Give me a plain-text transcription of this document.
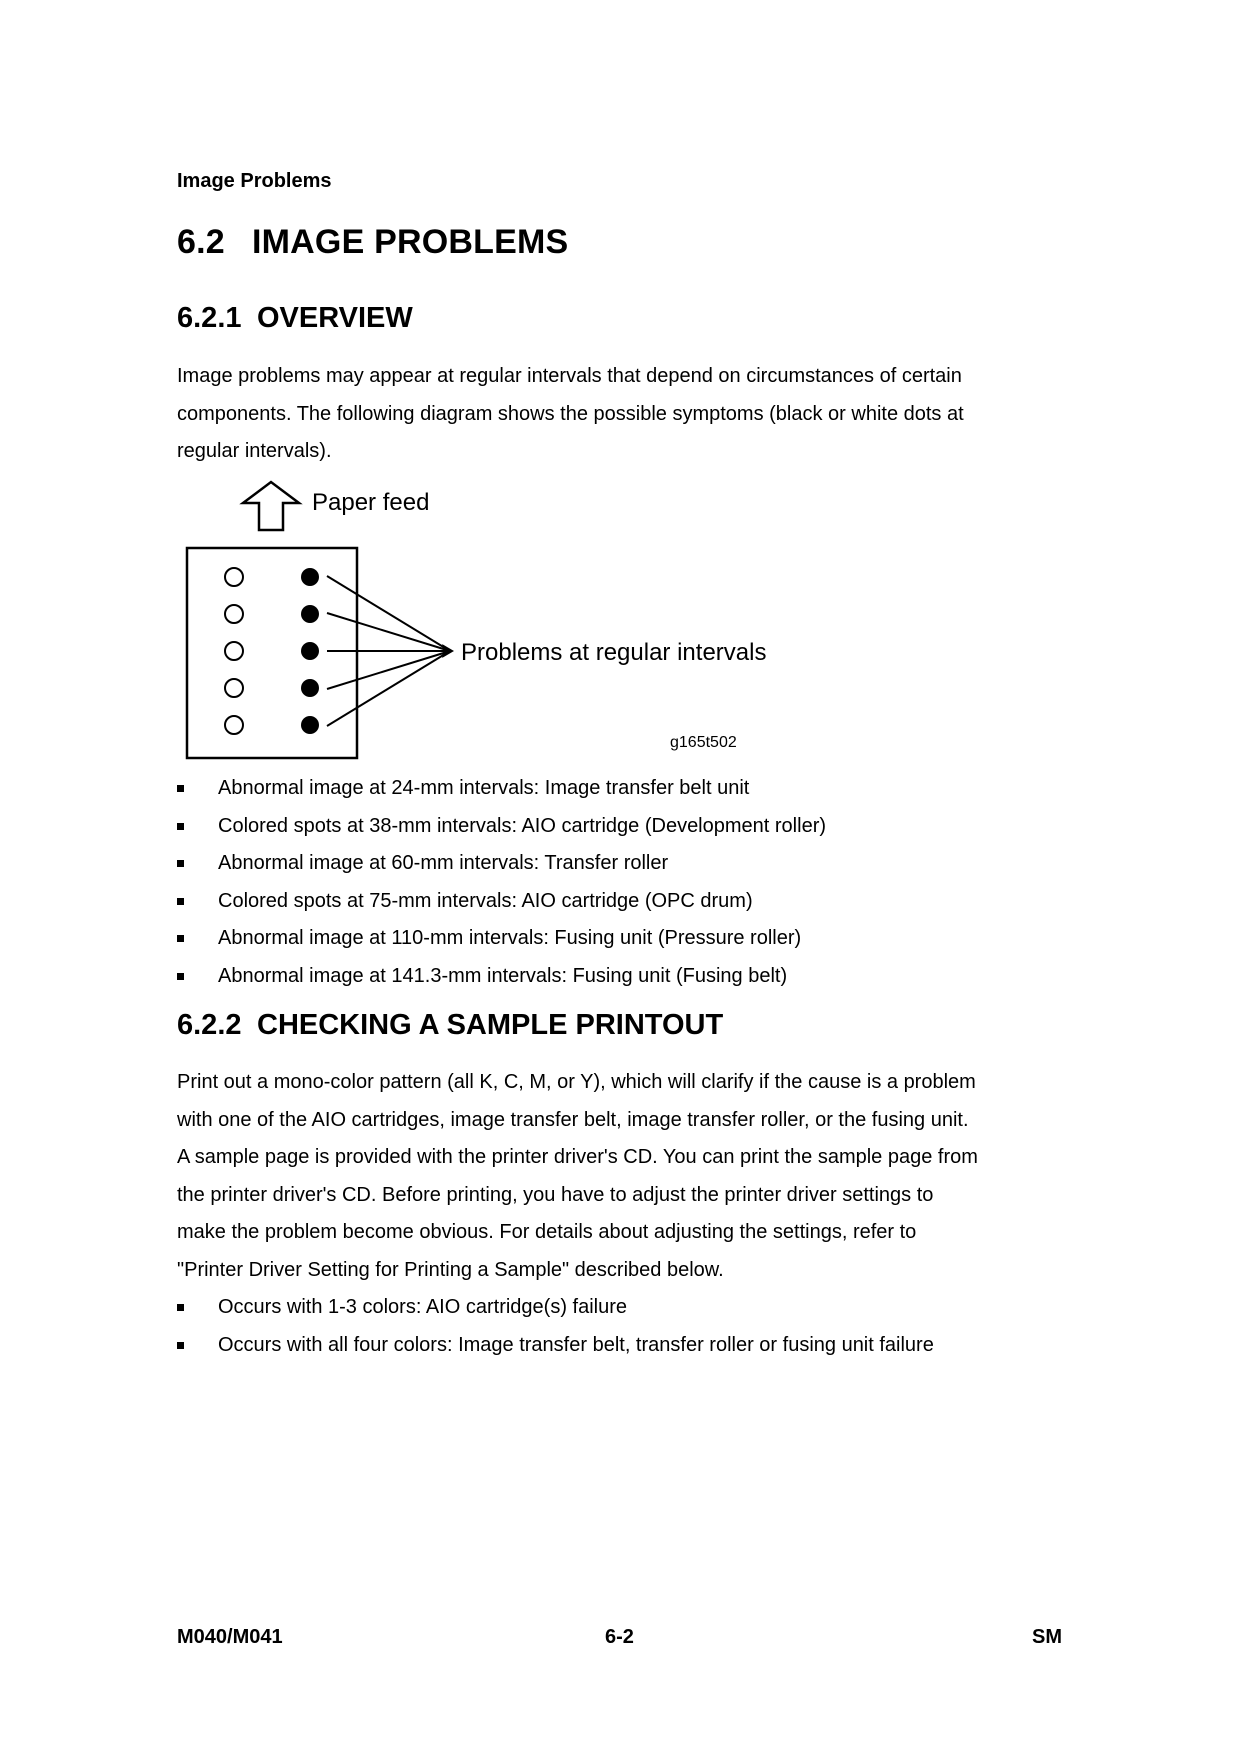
Image Problems
6.2 IMAGE PROBLEMS
6.2.1 OVERVIEW

Image problems may appear at regular intervals that depend on circumstances of certain

components. The following diagram shows the possible symptoms (black or white dots at

regular intervals).

Paper feed
Problems at regular intervals
g165t502
Abnormal image at 24-mm intervals: Image transfer belt unit
Colored spots at 38-mm intervals: AIO cartridge (Development roller)
Abnormal image at 60-mm intervals: Transfer roller
Colored spots at 75-mm intervals: AIO cartridge (OPC drum)
Abnormal image at 110-mm intervals: Fusing unit (Pressure roller)
Abnormal image at 141.3-mm intervals: Fusing unit (Fusing belt)
6.2.2 CHECKING A SAMPLE PRINTOUT

Print out a mono-color pattern (all K, C, M, or Y), which will clarify if the cause is a problem

with one of the AIO cartridges, image transfer belt, image transfer roller, or the fusing unit.

A sample page is provided with the printer driver's CD. You can print the sample page from

the printer driver's CD. Before printing, you have to adjust the printer driver settings to

make the problem become obvious. For details about adjusting the settings, refer to

"Printer Driver Setting for Printing a Sample" described below.

Occurs with 1-3 colors: AIO cartridge(s) failure
Occurs with all four colors: Image transfer belt, transfer roller or fusing unit failure
M040/M041	6-2	SM
